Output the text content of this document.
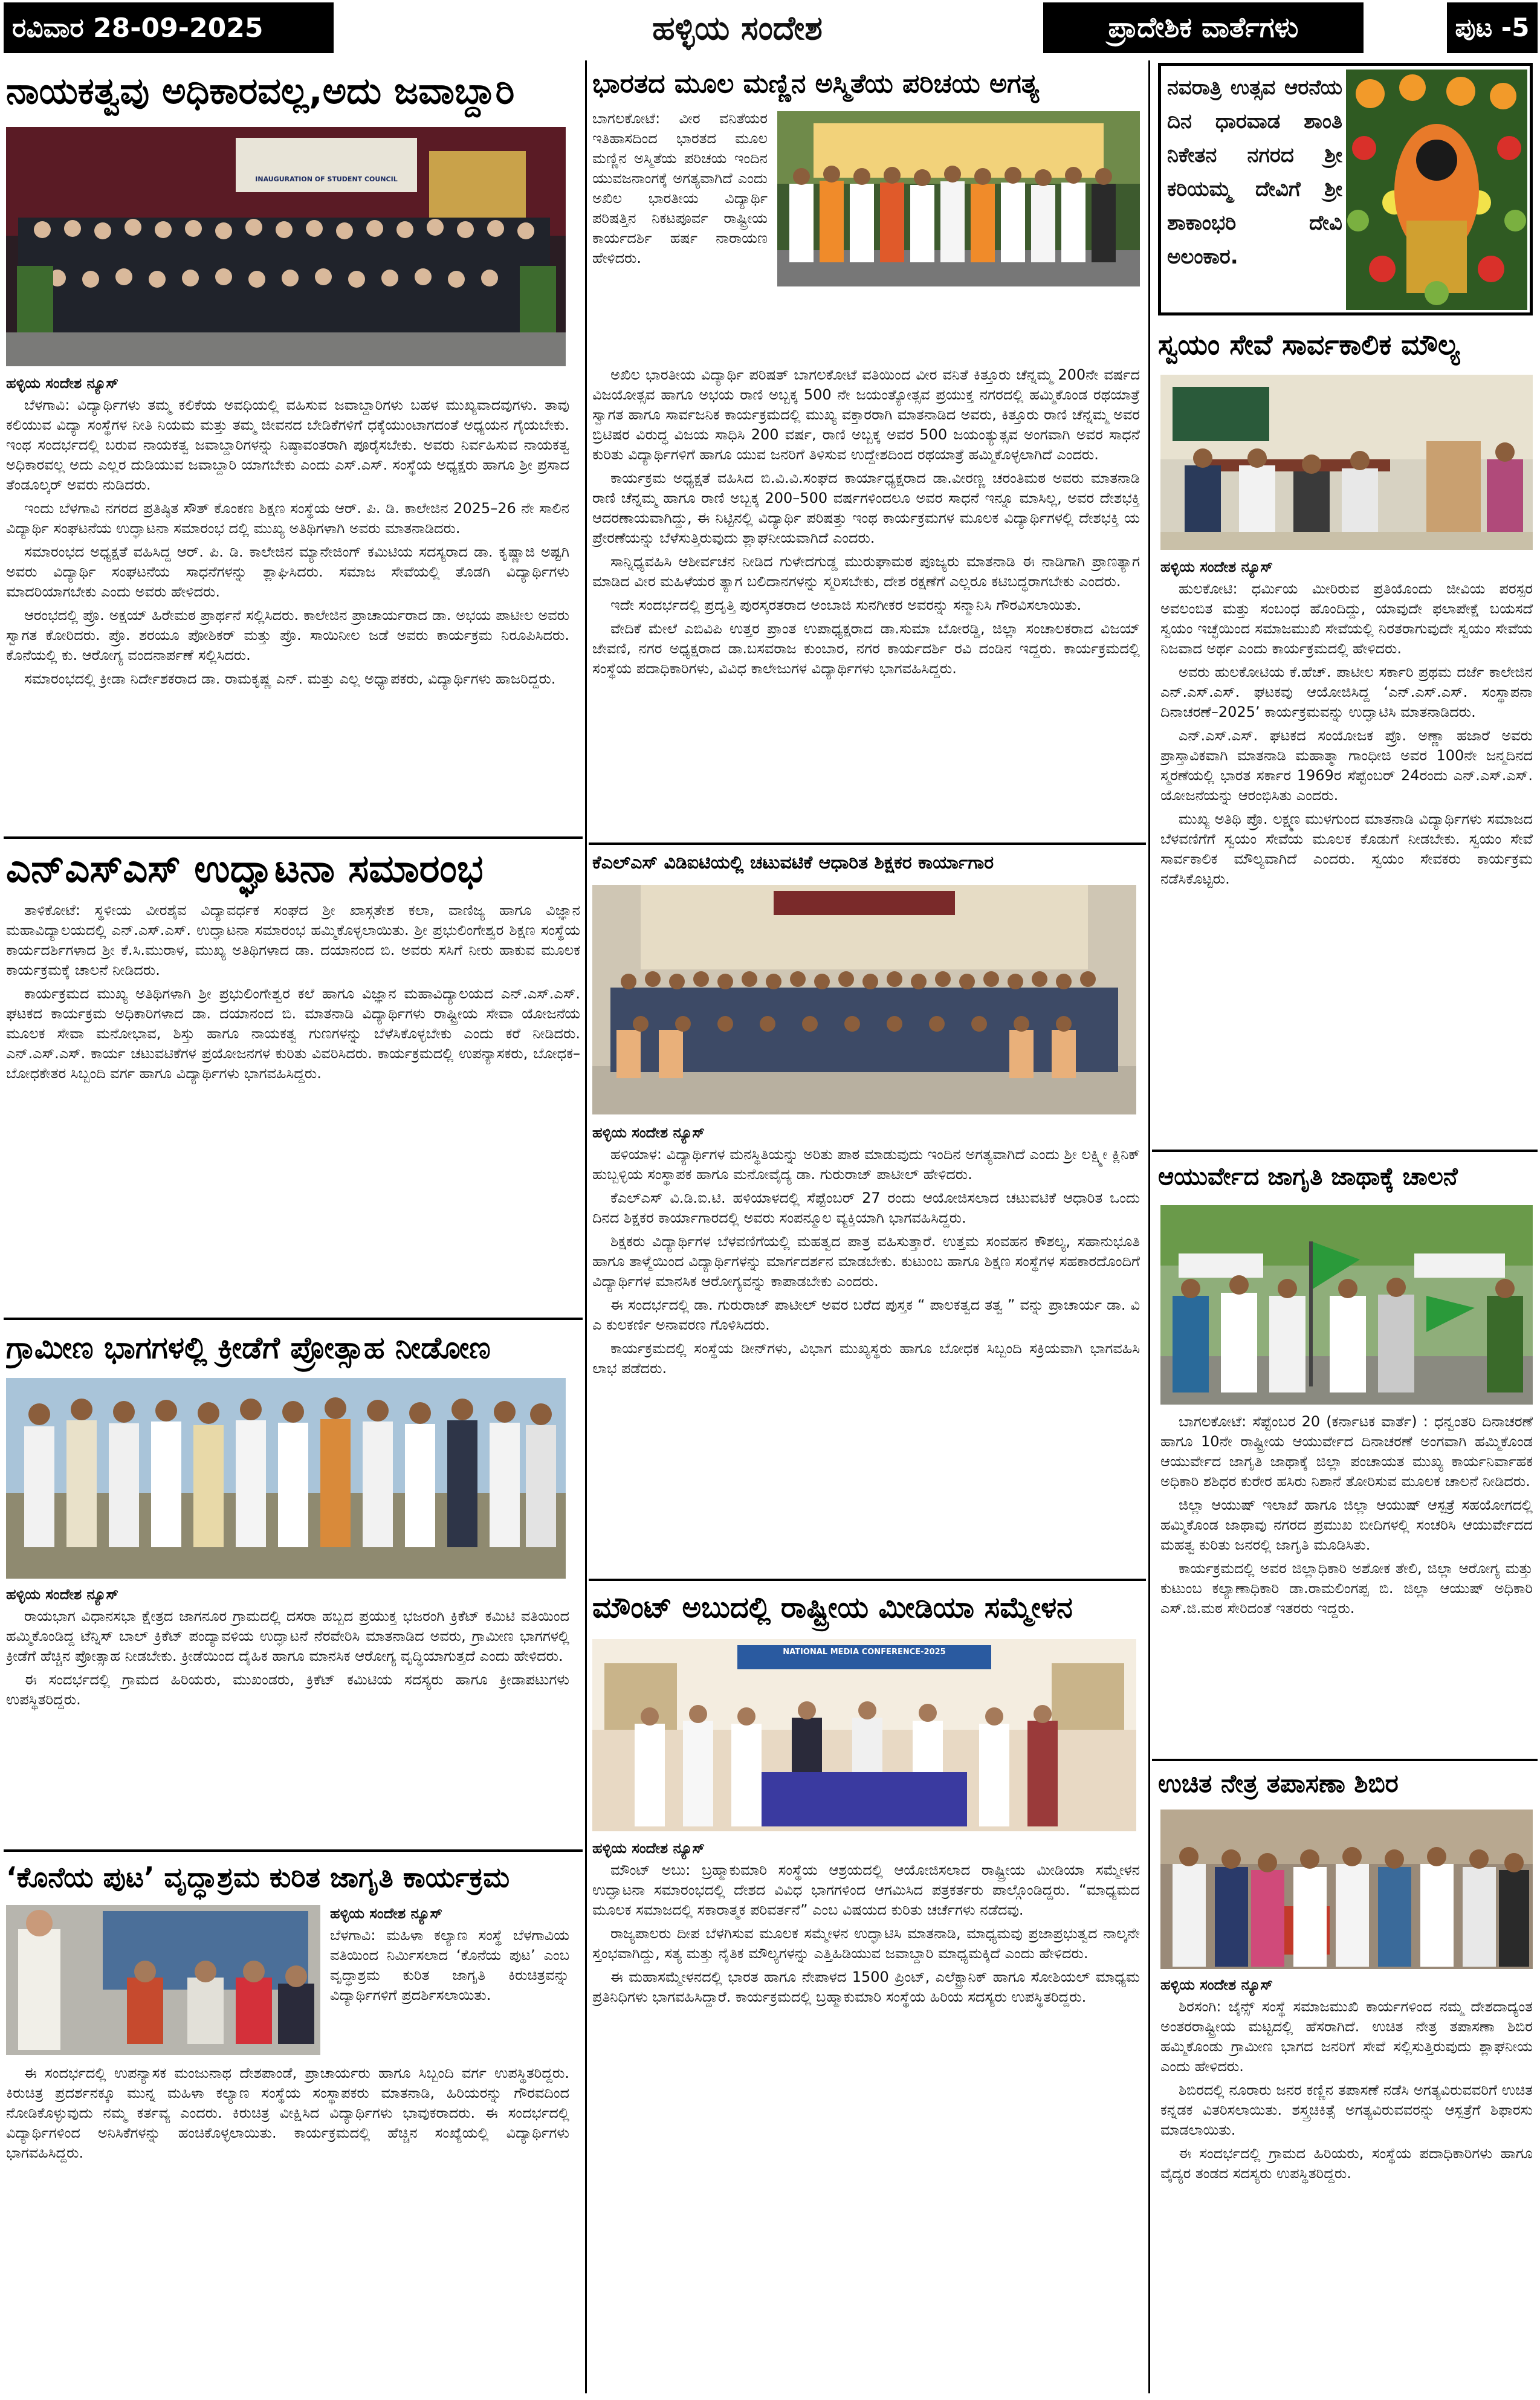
ರವಿವಾರ 28-09-2025	ಹಳ್ಳಿಯ ಸಂದೇಶ	ಪ್ರಾದೇಶಿಕ ವಾರ್ತೆಗಳು	ಪುಟ -5
ನಾಯಕತ್ವವು ಅಧಿಕಾರವಲ್ಲ,ಅದು ಜವಾಬ್ದಾರಿ
INAUGURATION OF STUDENT COUNCIL
ಹಳ್ಳಿಯ ಸಂದೇಶ ನ್ಯೂಸ್

ಬೆಳಗಾವಿ: ವಿದ್ಯಾರ್ಥಿಗಳು ತಮ್ಮ ಕಲಿಕೆಯ ಅವಧಿಯಲ್ಲಿ ವಹಿಸುವ ಜವಾಬ್ದಾರಿಗಳು ಬಹಳ ಮುಖ್ಯವಾದವುಗಳು. ತಾವು ಕಲಿಯುವ ವಿದ್ಯಾ ಸಂಸ್ಥೆಗಳ ನೀತಿ ನಿಯಮ ಮತ್ತು ತಮ್ಮ ಜೀವನದ ಬೇಡಿಕೆಗಳಿಗೆ ಧಕ್ಕೆಯುಂಟಾಗದಂತೆ ಅಧ್ಯಯನ ಗೈಯಬೇಕು. ಇಂಥ ಸಂದರ್ಭದಲ್ಲಿ ಬರುವ ನಾಯಕತ್ವ ಜವಾಬ್ದಾರಿಗಳನ್ನು ನಿಷ್ಠಾವಂತರಾಗಿ ಪೂರೈಸಬೇಕು. ಅವರು ನಿರ್ವಹಿಸುವ ನಾಯಕತ್ವ ಅಧಿಕಾರವಲ್ಲ ಅದು ಎಲ್ಲರ ದುಡಿಯುವ ಜವಾಬ್ದಾರಿ ಯಾಗಬೇಕು ಎಂದು ಎಸ್.ಎಸ್. ಸಂಸ್ಥೆಯ ಅಧ್ಯಕ್ಷರು ಹಾಗೂ ಶ್ರೀ ಪ್ರಸಾದ ತೆಂಡೂಲ್ಕರ್ ಅವರು ನುಡಿದರು.

ಇಂದು ಬೆಳಗಾವಿ ನಗರದ ಪ್ರತಿಷ್ಠಿತ ಸೌತ್ ಕೊಂಕಣ ಶಿಕ್ಷಣ ಸಂಸ್ಥೆಯ ಆರ್. ಪಿ. ಡಿ. ಕಾಲೇಜಿನ 2025–26 ನೇ ಸಾಲಿನ ವಿದ್ಯಾರ್ಥಿ ಸಂಘಟನೆಯ ಉದ್ಘಾಟನಾ ಸಮಾರಂಭ ದಲ್ಲಿ ಮುಖ್ಯ ಅತಿಥಿಗಳಾಗಿ ಅವರು ಮಾತನಾಡಿದರು.

ಸಮಾರಂಭದ ಅಧ್ಯಕ್ಷತೆ ವಹಿಸಿದ್ದ ಆರ್. ಪಿ. ಡಿ. ಕಾಲೇಜಿನ ಮ್ಯಾನೇಜಿಂಗ್ ಕಮಿಟಿಯ ಸದಸ್ಯರಾದ ಡಾ. ಕೃಷ್ಣಾಜಿ ಅಷ್ಟಗಿ ಅವರು ವಿದ್ಯಾರ್ಥಿ ಸಂಘಟನೆಯ ಸಾಧನೆಗಳನ್ನು ಶ್ಲಾಘಿಸಿದರು. ಸಮಾಜ ಸೇವೆಯಲ್ಲಿ ತೊಡಗಿ ವಿದ್ಯಾರ್ಥಿಗಳು ಮಾದರಿಯಾಗಬೇಕು ಎಂದು ಅವರು ಹೇಳಿದರು.

ಆರಂಭದಲ್ಲಿ ಪ್ರೊ. ಅಕ್ಷಯ್ ಹಿರೇಮಠ ಪ್ರಾರ್ಥನೆ ಸಲ್ಲಿಸಿದರು. ಕಾಲೇಜಿನ ಪ್ರಾಚಾರ್ಯರಾದ ಡಾ. ಅಭಯ ಪಾಟೀಲ ಅವರು ಸ್ವಾಗತ ಕೋರಿದರು. ಪ್ರೊ. ಶರಯೂ ಪೋಶಿಕರ್ ಮತ್ತು ಪ್ರೊ. ಸಾಯಿನೀಲ ಜಡೆ ಅವರು ಕಾರ್ಯಕ್ರಮ ನಿರೂಪಿಸಿದರು. ಕೊನೆಯಲ್ಲಿ ಕು. ಆರೋಗ್ಯ ವಂದನಾರ್ಪಣೆ ಸಲ್ಲಿಸಿದರು.

ಸಮಾರಂಭದಲ್ಲಿ ಕ್ರೀಡಾ ನಿರ್ದೇಶಕರಾದ ಡಾ. ರಾಮಕೃಷ್ಣ ಎನ್. ಮತ್ತು ಎಲ್ಲ ಅಧ್ಯಾಪಕರು, ವಿದ್ಯಾರ್ಥಿಗಳು ಹಾಜರಿದ್ದರು.

ಎನ್ಎಸ್ಎಸ್ ಉದ್ಘಾಟನಾ ಸಮಾರಂಭ

ತಾಳಿಕೋಟೆ: ಸ್ಥಳೀಯ ವೀರಶೈವ ವಿದ್ಯಾವರ್ಧಕ ಸಂಘದ ಶ್ರೀ ಖಾಸ್ಗತೇಶ ಕಲಾ, ವಾಣಿಜ್ಯ ಹಾಗೂ ವಿಜ್ಞಾನ ಮಹಾವಿದ್ಯಾಲಯದಲ್ಲಿ ಎನ್.ಎಸ್.ಎಸ್. ಉದ್ಘಾಟನಾ ಸಮಾರಂಭ ಹಮ್ಮಿಕೊಳ್ಳಲಾಯಿತು. ಶ್ರೀ ಪ್ರಭುಲಿಂಗೇಶ್ವರ ಶಿಕ್ಷಣ ಸಂಸ್ಥೆಯ ಕಾರ್ಯದರ್ಶಿಗಳಾದ ಶ್ರೀ ಕೆ.ಸಿ.ಮುರಾಳ, ಮುಖ್ಯ ಅತಿಥಿಗಳಾದ ಡಾ. ದಯಾನಂದ ಬಿ. ಅವರು ಸಸಿಗೆ ನೀರು ಹಾಕುವ ಮೂಲಕ ಕಾರ್ಯಕ್ರಮಕ್ಕೆ ಚಾಲನೆ ನೀಡಿದರು.

ಕಾರ್ಯಕ್ರಮದ ಮುಖ್ಯ ಅತಿಥಿಗಳಾಗಿ ಶ್ರೀ ಪ್ರಭುಲಿಂಗೇಶ್ವರ ಕಲೆ ಹಾಗೂ ವಿಜ್ಞಾನ ಮಹಾವಿದ್ಯಾಲಯದ ಎನ್.ಎಸ್.ಎಸ್. ಘಟಕದ ಕಾರ್ಯಕ್ರಮ ಅಧಿಕಾರಿಗಳಾದ ಡಾ. ದಯಾನಂದ ಬಿ. ಮಾತನಾಡಿ ವಿದ್ಯಾರ್ಥಿಗಳು ರಾಷ್ಟ್ರೀಯ ಸೇವಾ ಯೋಜನೆಯ ಮೂಲಕ ಸೇವಾ ಮನೋಭಾವ, ಶಿಸ್ತು ಹಾಗೂ ನಾಯಕತ್ವ ಗುಣಗಳನ್ನು ಬೆಳೆಸಿಕೊಳ್ಳಬೇಕು ಎಂದು ಕರೆ ನೀಡಿದರು. ಎನ್.ಎಸ್.ಎಸ್. ಕಾರ್ಯ ಚಟುವಟಿಕೆಗಳ ಪ್ರಯೋಜನಗಳ ಕುರಿತು ವಿವರಿಸಿದರು. ಕಾರ್ಯಕ್ರಮದಲ್ಲಿ ಉಪನ್ಯಾಸಕರು, ಬೋಧಕ–ಬೋಧಕೇತರ ಸಿಬ್ಬಂದಿ ವರ್ಗ ಹಾಗೂ ವಿದ್ಯಾರ್ಥಿಗಳು ಭಾಗವಹಿಸಿದ್ದರು.

ಗ್ರಾಮೀಣ ಭಾಗಗಳಲ್ಲಿ ಕ್ರೀಡೆಗೆ ಪ್ರೋತ್ಸಾಹ ನೀಡೋಣ
ಹಳ್ಳಿಯ ಸಂದೇಶ ನ್ಯೂಸ್

ರಾಯಭಾಗ ವಿಧಾನಸಭಾ ಕ್ಷೇತ್ರದ ಜಾಗನೂರ ಗ್ರಾಮದಲ್ಲಿ ದಸರಾ ಹಬ್ಬದ ಪ್ರಯುಕ್ತ ಭಜರಂಗಿ ಕ್ರಿಕೆಟ್ ಕಮಿಟಿ ವತಿಯಿಂದ ಹಮ್ಮಿಕೊಂಡಿದ್ದ ಟೆನ್ನಿಸ್ ಬಾಲ್ ಕ್ರಿಕೆಟ್ ಪಂದ್ಯಾವಳಿಯ ಉದ್ಘಾಟನೆ ನೆರವೇರಿಸಿ ಮಾತನಾಡಿದ ಅವರು, ಗ್ರಾಮೀಣ ಭಾಗಗಳಲ್ಲಿ ಕ್ರೀಡೆಗೆ ಹೆಚ್ಚಿನ ಪ್ರೋತ್ಸಾಹ ನೀಡಬೇಕು. ಕ್ರೀಡೆಯಿಂದ ದೈಹಿಕ ಹಾಗೂ ಮಾನಸಿಕ ಆರೋಗ್ಯ ವೃದ್ಧಿಯಾಗುತ್ತದೆ ಎಂದು ಹೇಳಿದರು.

ಈ ಸಂದರ್ಭದಲ್ಲಿ ಗ್ರಾಮದ ಹಿರಿಯರು, ಮುಖಂಡರು, ಕ್ರಿಕೆಟ್ ಕಮಿಟಿಯ ಸದಸ್ಯರು ಹಾಗೂ ಕ್ರೀಡಾಪಟುಗಳು ಉಪಸ್ಥಿತರಿದ್ದರು.

‘ಕೊನೆಯ ಪುಟ’ ವೃದ್ಧಾಶ್ರಮ ಕುರಿತ ಜಾಗೃತಿ ಕಾರ್ಯಕ್ರಮ
ಹಳ್ಳಿಯ ಸಂದೇಶ ನ್ಯೂಸ್

ಬೆಳಗಾವಿ: ಮಹಿಳಾ ಕಲ್ಯಾಣ ಸಂಸ್ಥೆ ಬೆಳಗಾವಿಯ ವತಿಯಿಂದ ನಿರ್ಮಿಸಲಾದ ‘ಕೊನೆಯ ಪುಟ’ ಎಂಬ ವೃದ್ಧಾಶ್ರಮ ಕುರಿತ ಜಾಗೃತಿ ಕಿರುಚಿತ್ರವನ್ನು ವಿದ್ಯಾರ್ಥಿಗಳಿಗೆ ಪ್ರದರ್ಶಿಸಲಾಯಿತು.

ಈ ಸಂದರ್ಭದಲ್ಲಿ ಉಪನ್ಯಾಸಕ ಮಂಜುನಾಥ ದೇಶಪಾಂಡೆ, ಪ್ರಾಚಾರ್ಯರು ಹಾಗೂ ಸಿಬ್ಬಂದಿ ವರ್ಗ ಉಪಸ್ಥಿತರಿದ್ದರು. ಕಿರುಚಿತ್ರ ಪ್ರದರ್ಶನಕ್ಕೂ ಮುನ್ನ ಮಹಿಳಾ ಕಲ್ಯಾಣ ಸಂಸ್ಥೆಯ ಸಂಸ್ಥಾಪಕರು ಮಾತನಾಡಿ, ಹಿರಿಯರನ್ನು ಗೌರವದಿಂದ ನೋಡಿಕೊಳ್ಳುವುದು ನಮ್ಮ ಕರ್ತವ್ಯ ಎಂದರು. ಕಿರುಚಿತ್ರ ವೀಕ್ಷಿಸಿದ ವಿದ್ಯಾರ್ಥಿಗಳು ಭಾವುಕರಾದರು. ಈ ಸಂದರ್ಭದಲ್ಲಿ ವಿದ್ಯಾರ್ಥಿಗಳಿಂದ ಅನಿಸಿಕೆಗಳನ್ನು ಹಂಚಿಕೊಳ್ಳಲಾಯಿತು. ಕಾರ್ಯಕ್ರಮದಲ್ಲಿ ಹೆಚ್ಚಿನ ಸಂಖ್ಯೆಯಲ್ಲಿ ವಿದ್ಯಾರ್ಥಿಗಳು ಭಾಗವಹಿಸಿದ್ದರು.

ಭಾರತದ ಮೂಲ ಮಣ್ಣಿನ ಅಸ್ಮಿತೆಯ ಪರಿಚಯ ಅಗತ್ಯ

ಬಾಗಲಕೋಟೆ: ವೀರ ವನಿತೆಯರ ಇತಿಹಾಸದಿಂದ ಭಾರತದ ಮೂಲ ಮಣ್ಣಿನ ಅಸ್ಮಿತೆಯ ಪರಿಚಯ ಇಂದಿನ ಯುವಜನಾಂಗಕ್ಕೆ ಅಗತ್ಯವಾಗಿದೆ ಎಂದು ಅಖಿಲ ಭಾರತೀಯ ವಿದ್ಯಾರ್ಥಿ ಪರಿಷತ್ತಿನ ನಿಕಟಪೂರ್ವ ರಾಷ್ಟ್ರೀಯ ಕಾರ್ಯದರ್ಶಿ ಹರ್ಷ ನಾರಾಯಣ ಹೇಳಿದರು.

ಅಖಿಲ ಭಾರತೀಯ ವಿದ್ಯಾರ್ಥಿ ಪರಿಷತ್ ಬಾಗಲಕೋಟೆ ವತಿಯಿಂದ ವೀರ ವನಿತೆ ಕಿತ್ತೂರು ಚೆನ್ನಮ್ಮ 200ನೇ ವರ್ಷದ ವಿಜಯೋತ್ಸವ ಹಾಗೂ ಅಭಯ ರಾಣಿ ಅಬ್ಬಕ್ಕ 500 ನೇ ಜಯಂತ್ಯೋತ್ಸವ ಪ್ರಯುಕ್ತ ನಗರದಲ್ಲಿ ಹಮ್ಮಿಕೊಂಡ ರಥಯಾತ್ರೆ ಸ್ವಾಗತ ಹಾಗೂ ಸಾರ್ವಜನಿಕ ಕಾರ್ಯಕ್ರಮದಲ್ಲಿ ಮುಖ್ಯ ವಕ್ತಾರರಾಗಿ ಮಾತನಾಡಿದ ಅವರು, ಕಿತ್ತೂರು ರಾಣಿ ಚೆನ್ನಮ್ಮ ಅವರ ಬ್ರಿಟಿಷರ ವಿರುದ್ಧ ವಿಜಯ ಸಾಧಿಸಿ 200 ವರ್ಷ, ರಾಣಿ ಅಬ್ಬಕ್ಕ ಅವರ 500 ಜಯಂತ್ಯುತ್ಸವ ಅಂಗವಾಗಿ ಅವರ ಸಾಧನೆ ಕುರಿತು ವಿದ್ಯಾರ್ಥಿಗಳಿಗೆ ಹಾಗೂ ಯುವ ಜನರಿಗೆ ತಿಳಿಸುವ ಉದ್ದೇಶದಿಂದ ರಥಯಾತ್ರೆ ಹಮ್ಮಿಕೊಳ್ಳಲಾಗಿದೆ ಎಂದರು.

ಕಾರ್ಯಕ್ರಮ ಅಧ್ಯಕ್ಷತೆ ವಹಿಸಿದ ಬಿ.ವಿ.ವಿ.ಸಂಘದ ಕಾರ್ಯಾಧ್ಯಕ್ಷರಾದ ಡಾ.ವೀರಣ್ಣ ಚರಂತಿಮಠ ಅವರು ಮಾತನಾಡಿ ರಾಣಿ ಚೆನ್ನಮ್ಮ ಹಾಗೂ ರಾಣಿ ಅಬ್ಬಕ್ಕ 200–500 ವರ್ಷಗಳಿಂದಲೂ ಅವರ ಸಾಧನೆ ಇನ್ನೂ ಮಾಸಿಲ್ಲ, ಅವರ ದೇಶಭಕ್ತಿ ಆದರಣಾಯವಾಗಿದ್ದು, ಈ ನಿಟ್ಟಿನಲ್ಲಿ ವಿದ್ಯಾರ್ಥಿ ಪರಿಷತ್ತು ಇಂಥ ಕಾರ್ಯಕ್ರಮಗಳ ಮೂಲಕ ವಿದ್ಯಾರ್ಥಿಗಳಲ್ಲಿ ದೇಶಭಕ್ತಿ ಯ ಪ್ರೇರಣೆಯನ್ನು ಬೆಳೆಸುತ್ತಿರುವುದು ಶ್ಲಾಘನೀಯವಾಗಿದೆ ಎಂದರು.

ಸಾನ್ನಿಧ್ಯವಹಿಸಿ ಆಶೀರ್ವಚನ ನೀಡಿದ ಗುಳೇದಗುಡ್ಡ ಮುರುಘಾಮಠ ಪೂಜ್ಯರು ಮಾತನಾಡಿ ಈ ನಾಡಿಗಾಗಿ ಪ್ರಾಣತ್ಯಾಗ ಮಾಡಿದ ವೀರ ಮಹಿಳೆಯರ ತ್ಯಾಗ ಬಲಿದಾನಗಳನ್ನು ಸ್ಮರಿಸಬೇಕು, ದೇಶ ರಕ್ಷಣೆಗೆ ಎಲ್ಲರೂ ಕಟಿಬದ್ಧರಾಗಬೇಕು ಎಂದರು.

ಇದೇ ಸಂದರ್ಭದಲ್ಲಿ ಪ್ರದೃತ್ತಿ ಪುರಸ್ಕರತರಾದ ಅಂಬಾಜಿ ಸುನಗೀಕರ ಅವರನ್ನು ಸನ್ಮಾನಿಸಿ ಗೌರವಿಸಲಾಯಿತು.

ವೇದಿಕೆ ಮೇಲೆ ಎಬಿವಿಪಿ ಉತ್ತರ ಪ್ರಾಂತ ಉಪಾಧ್ಯಕ್ಷರಾದ ಡಾ.ಸುಮಾ ಬೋರಡ್ಡಿ, ಜಿಲ್ಲಾ ಸಂಚಾಲಕರಾದ ವಿಜಯ್ ಜೇವಣಿ, ನಗರ ಅಧ್ಯಕ್ಷರಾದ ಡಾ.ಬಸವರಾಜ ಕುಂಬಾರ, ನಗರ ಕಾರ್ಯದರ್ಶಿ ರವಿ ದಂಡಿನ ಇದ್ದರು. ಕಾರ್ಯಕ್ರಮದಲ್ಲಿ ಸಂಸ್ಥೆಯ ಪದಾಧಿಕಾರಿಗಳು, ವಿವಿಧ ಕಾಲೇಜುಗಳ ವಿದ್ಯಾರ್ಥಿಗಳು ಭಾಗವಹಿಸಿದ್ದರು.

ಕೆಎಲ್ಎಸ್ ವಿಡಿಐಟಿಯಲ್ಲಿ ಚಟುವಟಿಕೆ ಆಧಾರಿತ ಶಿಕ್ಷಕರ ಕಾರ್ಯಾಗಾರ
ಹಳ್ಳಿಯ ಸಂದೇಶ ನ್ಯೂಸ್

ಹಳಿಯಾಳ: ವಿದ್ಯಾರ್ಥಿಗಳ ಮನಸ್ಥಿತಿಯನ್ನು ಅರಿತು ಪಾಠ ಮಾಡುವುದು ಇಂದಿನ ಅಗತ್ಯವಾಗಿದೆ ಎಂದು ಶ್ರೀ ಲಕ್ಷ್ಮೀ ಕ್ಲಿನಿಕ್ ಹುಬ್ಬಳ್ಳಿಯ ಸಂಸ್ಥಾಪಕ ಹಾಗೂ ಮನೋವೈದ್ಯ ಡಾ. ಗುರುರಾಜ್ ಪಾಟೀಲ್ ಹೇಳಿದರು.

ಕೆಎಲ್ಎಸ್ ವಿ.ಡಿ.ಐ.ಟಿ. ಹಳಿಯಾಳದಲ್ಲಿ ಸೆಪ್ಟೆಂಬರ್ 27 ರಂದು ಆಯೋಜಿಸಲಾದ ಚಟುವಟಿಕೆ ಆಧಾರಿತ ಒಂದು ದಿನದ ಶಿಕ್ಷಕರ ಕಾರ್ಯಾಗಾರದಲ್ಲಿ ಅವರು ಸಂಪನ್ಮೂಲ ವ್ಯಕ್ತಿಯಾಗಿ ಭಾಗವಹಿಸಿದ್ದರು.

ಶಿಕ್ಷಕರು ವಿದ್ಯಾರ್ಥಿಗಳ ಬೆಳವಣಿಗೆಯಲ್ಲಿ ಮಹತ್ವದ ಪಾತ್ರ ವಹಿಸುತ್ತಾರೆ. ಉತ್ತಮ ಸಂವಹನ ಕೌಶಲ್ಯ, ಸಹಾನುಭೂತಿ ಹಾಗೂ ತಾಳ್ಮೆಯಿಂದ ವಿದ್ಯಾರ್ಥಿಗಳನ್ನು ಮಾರ್ಗದರ್ಶನ ಮಾಡಬೇಕು. ಕುಟುಂಬ ಹಾಗೂ ಶಿಕ್ಷಣ ಸಂಸ್ಥೆಗಳ ಸಹಕಾರದೊಂದಿಗೆ ವಿದ್ಯಾರ್ಥಿಗಳ ಮಾನಸಿಕ ಆರೋಗ್ಯವನ್ನು ಕಾಪಾಡಬೇಕು ಎಂದರು.

ಈ ಸಂದರ್ಭದಲ್ಲಿ ಡಾ. ಗುರುರಾಜ್ ಪಾಟೀಲ್ ಅವರ ಬರೆದ ಪುಸ್ತಕ “ ಪಾಲಕತ್ವದ ತತ್ವ ” ವನ್ನು ಪ್ರಾಚಾರ್ಯ ಡಾ. ವಿ ಎ ಕುಲಕರ್ಣಿ ಅನಾವರಣ ಗೊಳಿಸಿದರು.

ಕಾರ್ಯಕ್ರಮದಲ್ಲಿ ಸಂಸ್ಥೆಯ ಡೀನ್‌ಗಳು, ವಿಭಾಗ ಮುಖ್ಯಸ್ಥರು ಹಾಗೂ ಬೋಧಕ ಸಿಬ್ಬಂದಿ ಸಕ್ರಿಯವಾಗಿ ಭಾಗವಹಿಸಿ ಲಾಭ ಪಡೆದರು.

ಮೌಂಟ್ ಅಬುದಲ್ಲಿ ರಾಷ್ಟ್ರೀಯ ಮೀಡಿಯಾ ಸಮ್ಮೇಳನ
NATIONAL MEDIA CONFERENCE-2025
ಹಳ್ಳಿಯ ಸಂದೇಶ ನ್ಯೂಸ್

ಮೌಂಟ್ ಅಬು: ಬ್ರಹ್ಮಾಕುಮಾರಿ ಸಂಸ್ಥೆಯ ಆಶ್ರಯದಲ್ಲಿ ಆಯೋಜಿಸಲಾದ ರಾಷ್ಟ್ರೀಯ ಮೀಡಿಯಾ ಸಮ್ಮೇಳನ ಉದ್ಘಾಟನಾ ಸಮಾರಂಭದಲ್ಲಿ ದೇಶದ ವಿವಿಧ ಭಾಗಗಳಿಂದ ಆಗಮಿಸಿದ ಪತ್ರಕರ್ತರು ಪಾಲ್ಗೊಂಡಿದ್ದರು. “ಮಾಧ್ಯಮದ ಮೂಲಕ ಸಮಾಜದಲ್ಲಿ ಸಕಾರಾತ್ಮಕ ಪರಿವರ್ತನೆ” ಎಂಬ ವಿಷಯದ ಕುರಿತು ಚರ್ಚೆಗಳು ನಡೆದವು.

ರಾಜ್ಯಪಾಲರು ದೀಪ ಬೆಳಗಿಸುವ ಮೂಲಕ ಸಮ್ಮೇಳನ ಉದ್ಘಾಟಿಸಿ ಮಾತನಾಡಿ, ಮಾಧ್ಯಮವು ಪ್ರಜಾಪ್ರಭುತ್ವದ ನಾಲ್ಕನೇ ಸ್ತಂಭವಾಗಿದ್ದು, ಸತ್ಯ ಮತ್ತು ನೈತಿಕ ಮೌಲ್ಯಗಳನ್ನು ಎತ್ತಿಹಿಡಿಯುವ ಜವಾಬ್ದಾರಿ ಮಾಧ್ಯಮಕ್ಕಿದೆ ಎಂದು ಹೇಳಿದರು.

ಈ ಮಹಾಸಮ್ಮೇಳನದಲ್ಲಿ ಭಾರತ ಹಾಗೂ ನೇಪಾಳದ 1500 ಪ್ರಿಂಟ್, ಎಲೆಕ್ಟ್ರಾನಿಕ್ ಹಾಗೂ ಸೋಶಿಯಲ್ ಮಾಧ್ಯಮ ಪ್ರತಿನಿಧಿಗಳು ಭಾಗವಹಿಸಿದ್ದಾರೆ. ಕಾರ್ಯಕ್ರಮದಲ್ಲಿ ಬ್ರಹ್ಮಾಕುಮಾರಿ ಸಂಸ್ಥೆಯ ಹಿರಿಯ ಸದಸ್ಯರು ಉಪಸ್ಥಿತರಿದ್ದರು.

ನವರಾತ್ರಿ ಉತ್ಸವ ಆರನೆಯ ದಿನ ಧಾರವಾಡ ಶಾಂತಿ ನಿಕೇತನ ನಗರದ ಶ್ರೀ ಕರಿಯಮ್ಮ ದೇವಿಗೆ ಶ್ರೀ ಶಾಕಾಂಭರಿ ದೇವಿ ಅಲಂಕಾರ.
ಸ್ವಯಂ ಸೇವೆ ಸಾರ್ವಕಾಲಿಕ ಮೌಲ್ಯ
ಹಳ್ಳಿಯ ಸಂದೇಶ ನ್ಯೂಸ್

ಹುಲಕೋಟಿ: ಧರ್ಮಿಯ ಮೀರಿರುವ ಪ್ರತಿಯೊಂದು ಜೀವಿಯ ಪರಸ್ಪರ ಅವಲಂಬಿತ ಮತ್ತು ಸಂಬಂಧ ಹೊಂದಿದ್ದು, ಯಾವುದೇ ಫಲಾಪೇಕ್ಷೆ ಬಯಸದೆ ಸ್ವಯಂ ಇಚ್ಛೆಯಿಂದ ಸಮಾಜಮುಖಿ ಸೇವೆಯಲ್ಲಿ ನಿರತರಾಗುವುದೇ ಸ್ವಯಂ ಸೇವೆಯ ನಿಜವಾದ ಅರ್ಥ ಎಂದು ಕಾರ್ಯಕ್ರಮದಲ್ಲಿ ಹೇಳಿದರು.

ಅವರು ಹುಲಕೋಟಿಯ ಕೆ.ಹೆಚ್. ಪಾಟೀಲ ಸರ್ಕಾರಿ ಪ್ರಥಮ ದರ್ಜೆ ಕಾಲೇಜಿನ ಎನ್.ಎಸ್.ಎಸ್. ಘಟಕವು ಆಯೋಜಿಸಿದ್ದ ‘ಎನ್.ಎಸ್.ಎಸ್. ಸಂಸ್ಥಾಪನಾ ದಿನಾಚರಣೆ–2025’ ಕಾರ್ಯಕ್ರಮವನ್ನು ಉದ್ಘಾಟಿಸಿ ಮಾತನಾಡಿದರು.

ಎನ್.ಎಸ್.ಎಸ್. ಘಟಕದ ಸಂಯೋಜಕ ಪ್ರೊ. ಅಣ್ಣಾ ಹಜಾರೆ ಅವರು ಪ್ರಾಸ್ತಾವಿಕವಾಗಿ ಮಾತನಾಡಿ ಮಹಾತ್ಮಾ ಗಾಂಧೀಜಿ ಅವರ 100ನೇ ಜನ್ಮದಿನದ ಸ್ಮರಣೆಯಲ್ಲಿ ಭಾರತ ಸರ್ಕಾರ 1969ರ ಸೆಪ್ಟೆಂಬರ್ 24ರಂದು ಎನ್.ಎಸ್.ಎಸ್. ಯೋಜನೆಯನ್ನು ಆರಂಭಿಸಿತು ಎಂದರು.

ಮುಖ್ಯ ಅತಿಥಿ ಪ್ರೊ. ಲಕ್ಷ್ಮಣ ಮುಳಗುಂದ ಮಾತನಾಡಿ ವಿದ್ಯಾರ್ಥಿಗಳು ಸಮಾಜದ ಬೆಳವಣಿಗೆಗೆ ಸ್ವಯಂ ಸೇವೆಯ ಮೂಲಕ ಕೊಡುಗೆ ನೀಡಬೇಕು. ಸ್ವಯಂ ಸೇವೆ ಸಾರ್ವಕಾಲಿಕ ಮೌಲ್ಯವಾಗಿದೆ ಎಂದರು. ಸ್ವಯಂ ಸೇವಕರು ಕಾರ್ಯಕ್ರಮ ನಡೆಸಿಕೊಟ್ಟರು.

ಆಯುರ್ವೇದ ಜಾಗೃತಿ ಜಾಥಾಕ್ಕೆ ಚಾಲನೆ

ಬಾಗಲಕೋಟೆ: ಸೆಪ್ಟೆಂಬರ 20 (ಕರ್ನಾಟಕ ವಾರ್ತೆ) : ಧನ್ವಂತರಿ ದಿನಾಚರಣೆ ಹಾಗೂ 10ನೇ ರಾಷ್ಟ್ರೀಯ ಆಯುರ್ವೇದ ದಿನಾಚರಣೆ ಅಂಗವಾಗಿ ಹಮ್ಮಿಕೊಂಡ ಆಯುರ್ವೇದ ಜಾಗೃತಿ ಜಾಥಾಕ್ಕೆ ಜಿಲ್ಲಾ ಪಂಚಾಯತ ಮುಖ್ಯ ಕಾರ್ಯನಿರ್ವಾಹಕ ಅಧಿಕಾರಿ ಶಶಿಧರ ಕುರೇರ ಹಸಿರು ನಿಶಾನೆ ತೋರಿಸುವ ಮೂಲಕ ಚಾಲನೆ ನೀಡಿದರು.

ಜಿಲ್ಲಾ ಆಯುಷ್ ಇಲಾಖೆ ಹಾಗೂ ಜಿಲ್ಲಾ ಆಯುಷ್ ಆಸ್ಪತ್ರೆ ಸಹಯೋಗದಲ್ಲಿ ಹಮ್ಮಿಕೊಂಡ ಜಾಥಾವು ನಗರದ ಪ್ರಮುಖ ಬೀದಿಗಳಲ್ಲಿ ಸಂಚರಿಸಿ ಆಯುರ್ವೇದದ ಮಹತ್ವ ಕುರಿತು ಜನರಲ್ಲಿ ಜಾಗೃತಿ ಮೂಡಿಸಿತು.

ಕಾರ್ಯಕ್ರಮದಲ್ಲಿ ಅವರ ಜಿಲ್ಲಾಧಿಕಾರಿ ಅಶೋಕ ತೇಲಿ, ಜಿಲ್ಲಾ ಆರೋಗ್ಯ ಮತ್ತು ಕುಟುಂಬ ಕಲ್ಯಾಣಾಧಿಕಾರಿ ಡಾ.ರಾಮಲಿಂಗಪ್ಪ ಬಿ. ಜಿಲ್ಲಾ ಆಯುಷ್ ಅಧಿಕಾರಿ ಎಸ್.ಜಿ.ಮಠ ಸೇರಿದಂತೆ ಇತರರು ಇದ್ದರು.

ಉಚಿತ ನೇತ್ರ ತಪಾಸಣಾ ಶಿಬಿರ
ಹಳ್ಳಿಯ ಸಂದೇಶ ನ್ಯೂಸ್

ಶಿರಸಂಗಿ: ಜೈನ್ಸ್ ಸಂಸ್ಥೆ ಸಮಾಜಮುಖಿ ಕಾರ್ಯಗಳಿಂದ ನಮ್ಮ ದೇಶದಾದ್ಯಂತ ಅಂತರರಾಷ್ಟ್ರೀಯ ಮಟ್ಟದಲ್ಲಿ ಹೆಸರಾಗಿದೆ. ಉಚಿತ ನೇತ್ರ ತಪಾಸಣಾ ಶಿಬಿರ ಹಮ್ಮಿಕೊಂಡು ಗ್ರಾಮೀಣ ಭಾಗದ ಜನರಿಗೆ ಸೇವೆ ಸಲ್ಲಿಸುತ್ತಿರುವುದು ಶ್ಲಾಘನೀಯ ಎಂದು ಹೇಳಿದರು.

ಶಿಬಿರದಲ್ಲಿ ನೂರಾರು ಜನರ ಕಣ್ಣಿನ ತಪಾಸಣೆ ನಡೆಸಿ ಅಗತ್ಯವಿರುವವರಿಗೆ ಉಚಿತ ಕನ್ನಡಕ ವಿತರಿಸಲಾಯಿತು. ಶಸ್ತ್ರಚಿಕಿತ್ಸೆ ಅಗತ್ಯವಿರುವವರನ್ನು ಆಸ್ಪತ್ರೆಗೆ ಶಿಫಾರಸು ಮಾಡಲಾಯಿತು.

ಈ ಸಂದರ್ಭದಲ್ಲಿ ಗ್ರಾಮದ ಹಿರಿಯರು, ಸಂಸ್ಥೆಯ ಪದಾಧಿಕಾರಿಗಳು ಹಾಗೂ ವೈದ್ಯರ ತಂಡದ ಸದಸ್ಯರು ಉಪಸ್ಥಿತರಿದ್ದರು.
